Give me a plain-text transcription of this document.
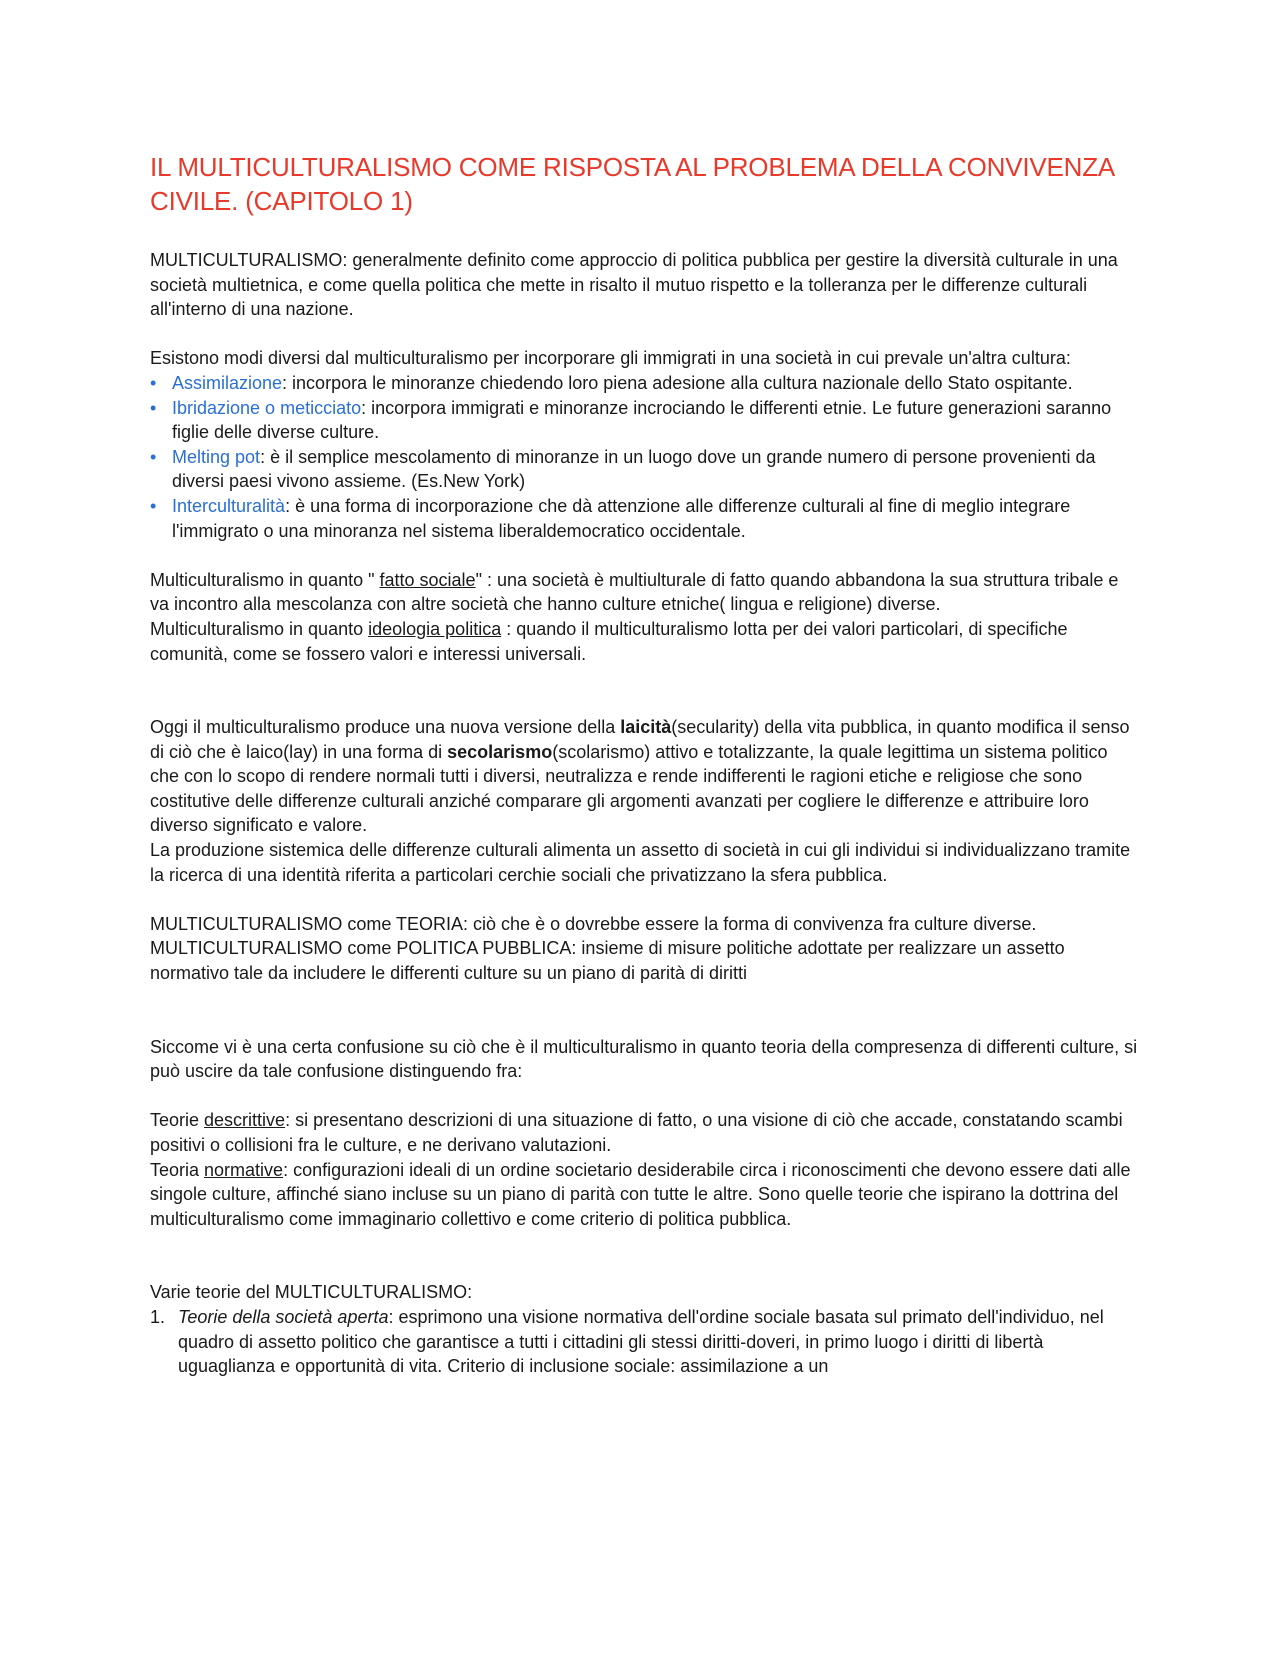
IL MULTICULTURALISMO COME RISPOSTA AL PROBLEMA DELLA CONVIVENZA CIVILE. (CAPITOLO 1)

MULTICULTURALISMO: generalmente definito come approccio di politica pubblica per gestire la diversità culturale in una società multietnica, e come quella politica che mette in risalto il mutuo rispetto e la tolleranza per le differenze culturali all'interno di una nazione.

Esistono modi diversi dal multiculturalismo per incorporare gli immigrati in una società in cui prevale un'altra cultura:

• Assimilazione: incorpora le minoranze chiedendo loro piena adesione alla cultura nazionale dello Stato ospitante.
• Ibridazione o meticciato: incorpora immigrati e minoranze incrociando le differenti etnie. Le future generazioni saranno figlie delle diverse culture.
• Melting pot: è il semplice mescolamento di minoranze in un luogo dove un grande numero di persone provenienti da diversi paesi vivono assieme. (Es.New York)
• Interculturalità: è una forma di incorporazione che dà attenzione alle differenze culturali al fine di meglio integrare l'immigrato o una minoranza nel sistema liberaldemocratico occidentale.

Multiculturalismo in quanto " fatto sociale" : una società è multiulturale di fatto quando abbandona la sua struttura tribale e va incontro alla mescolanza con altre società che hanno culture etniche( lingua e religione) diverse.

Multiculturalismo in quanto ideologia politica : quando il multiculturalismo lotta per dei valori particolari, di specifiche comunità, come se fossero valori e interessi universali.

Oggi il multiculturalismo produce una nuova versione della laicità(secularity) della vita pubblica, in quanto modifica il senso di ciò che è laico(lay) in una forma di secolarismo(scolarismo) attivo e totalizzante, la quale legittima un sistema politico che con lo scopo di rendere normali tutti i diversi, neutralizza e rende indifferenti le ragioni etiche e religiose che sono costitutive delle differenze culturali anziché comparare gli argomenti avanzati per cogliere le differenze e attribuire loro diverso significato e valore.

La produzione sistemica delle differenze culturali alimenta un assetto di società in cui gli individui si individualizzano tramite la ricerca di una identità riferita a particolari cerchie sociali che privatizzano la sfera pubblica.

MULTICULTURALISMO come TEORIA: ciò che è o dovrebbe essere la forma di convivenza fra culture diverse.

MULTICULTURALISMO come POLITICA PUBBLICA: insieme di misure politiche adottate per realizzare un assetto normativo tale da includere le differenti culture su un piano di parità di diritti

Siccome vi è una certa confusione su ciò che è il multiculturalismo in quanto teoria della compresenza di differenti culture, si può uscire da tale confusione distinguendo fra:

Teorie descrittive: si presentano descrizioni di una situazione di fatto, o una visione di ciò che accade, constatando scambi positivi o collisioni fra le culture, e ne derivano valutazioni.

Teoria normative: configurazioni ideali di un ordine societario desiderabile circa i riconoscimenti che devono essere dati alle singole culture, affinché siano incluse su un piano di parità con tutte le altre. Sono quelle teorie che ispirano la dottrina del multiculturalismo come immaginario collettivo e come criterio di politica pubblica.

Varie teorie del MULTICULTURALISMO:

1. Teorie della società aperta: esprimono una visione normativa dell'ordine sociale basata sul primato dell'individuo, nel quadro di assetto politico che garantisce a tutti i cittadini gli stessi diritti-doveri, in primo luogo i diritti di libertà uguaglianza e opportunità di vita. Criterio di inclusione sociale: assimilazione a un
